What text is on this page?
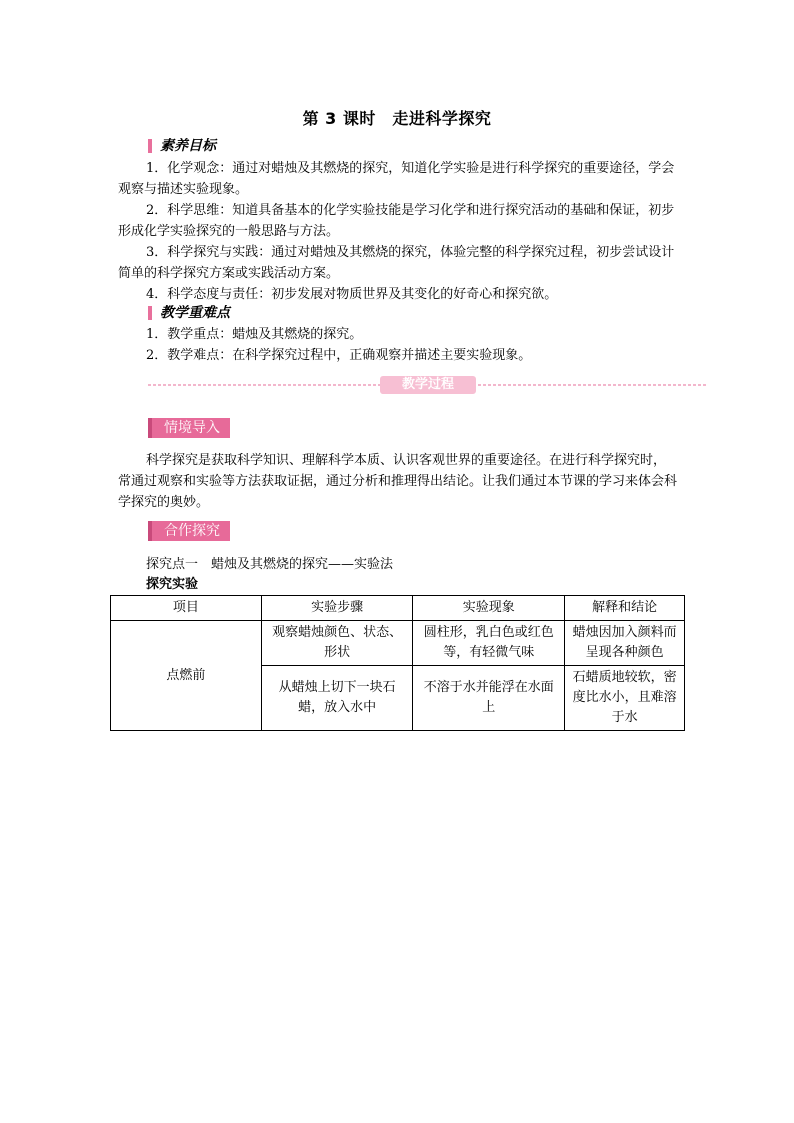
第 3 课时　走进科学探究
素养目标

1．化学观念：通过对蜡烛及其燃烧的探究，知道化学实验是进行科学探究的重要途径，学会观察与描述实验现象。

2．科学思维：知道具备基本的化学实验技能是学习化学和进行探究活动的基础和保证，初步形成化学实验探究的一般思路与方法。

3．科学探究与实践：通过对蜡烛及其燃烧的探究，体验完整的科学探究过程，初步尝试设计简单的科学探究方案或实践活动方案。

4．科学态度与责任：初步发展对物质世界及其变化的好奇心和探究欲。

教学重难点

1．教学重点：蜡烛及其燃烧的探究。

2．教学难点：在科学探究过程中，正确观察并描述主要实验现象。

教学过程
情境导入

科学探究是获取科学知识、理解科学本质、认识客观世界的重要途径。在进行科学探究时，常通过观察和实验等方法获取证据，通过分析和推理得出结论。让我们通过本节课的学习来体会科学探究的奥妙。

合作探究
探究点一　蜡烛及其燃烧的探究——实验法
探究实验
项目	实验步骤	实验现象	解释和结论
点燃前	观察蜡烛颜色、状态、形状	圆柱形，乳白色或红色等，有轻微气味	蜡烛因加入颜料而呈现各种颜色
	从蜡烛上切下一块石蜡，放入水中	不溶于水并能浮在水面上	石蜡质地较软，密度比水小，且难溶于水
